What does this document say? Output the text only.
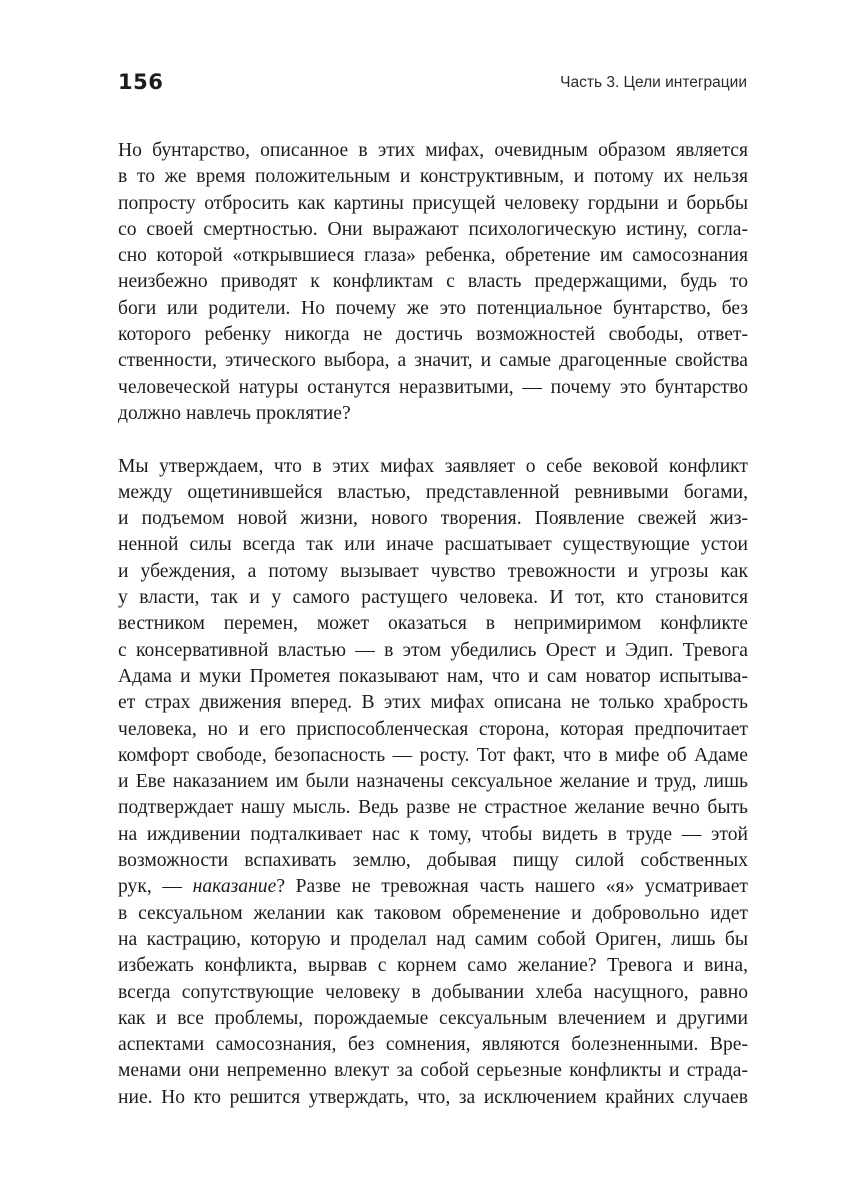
156	Часть 3. Цели интеграции
Но бунтарство, описанное в этих мифах, очевидным образом является
в то же время положительным и конструктивным, и потому их нельзя
попросту отбросить как картины присущей человеку гордыни и борьбы
со своей смертностью. Они выражают психологическую истину, согла-
сно которой «открывшиеся глаза» ребенка, обретение им самосознания
неизбежно приводят к конфликтам с власть предержащими, будь то
боги или родители. Но почему же это потенциальное бунтарство, без
которого ребенку никогда не достичь возможностей свободы, ответ-
ственности, этического выбора, а значит, и самые драгоценные свойства
человеческой натуры останутся неразвитыми, — почему это бунтарство
должно навлечь проклятие?
Мы утверждаем, что в этих мифах заявляет о себе вековой конфликт
между ощетинившейся властью, представленной ревнивыми богами,
и подъемом новой жизни, нового творения. Появление свежей жиз-
ненной силы всегда так или иначе расшатывает существующие устои
и убеждения, а потому вызывает чувство тревожности и угрозы как
у власти, так и у самого растущего человека. И тот, кто становится
вестником перемен, может оказаться в непримиримом конфликте
с консервативной властью — в этом убедились Орест и Эдип. Тревога
Адама и муки Прометея показывают нам, что и сам новатор испытыва-
ет страх движения вперед. В этих мифах описана не только храбрость
человека, но и его приспособленческая сторона, которая предпочитает
комфорт свободе, безопасность — росту. Тот факт, что в мифе об Адаме
и Еве наказанием им были назначены сексуальное желание и труд, лишь
подтверждает нашу мысль. Ведь разве не страстное желание вечно быть
на иждивении подталкивает нас к тому, чтобы видеть в труде — этой
возможности вспахивать землю, добывая пищу силой собственных
рук, — наказание? Разве не тревожная часть нашего «я» усматривает
в сексуальном желании как таковом обременение и добровольно идет
на кастрацию, которую и проделал над самим собой Ориген, лишь бы
избежать конфликта, вырвав с корнем само желание? Тревога и вина,
всегда сопутствующие человеку в добывании хлеба насущного, равно
как и все проблемы, порождаемые сексуальным влечением и другими
аспектами самосознания, без сомнения, являются болезненными. Вре-
менами они непременно влекут за собой серьезные конфликты и страда-
ние. Но кто решится утверждать, что, за исключением крайних случаев
